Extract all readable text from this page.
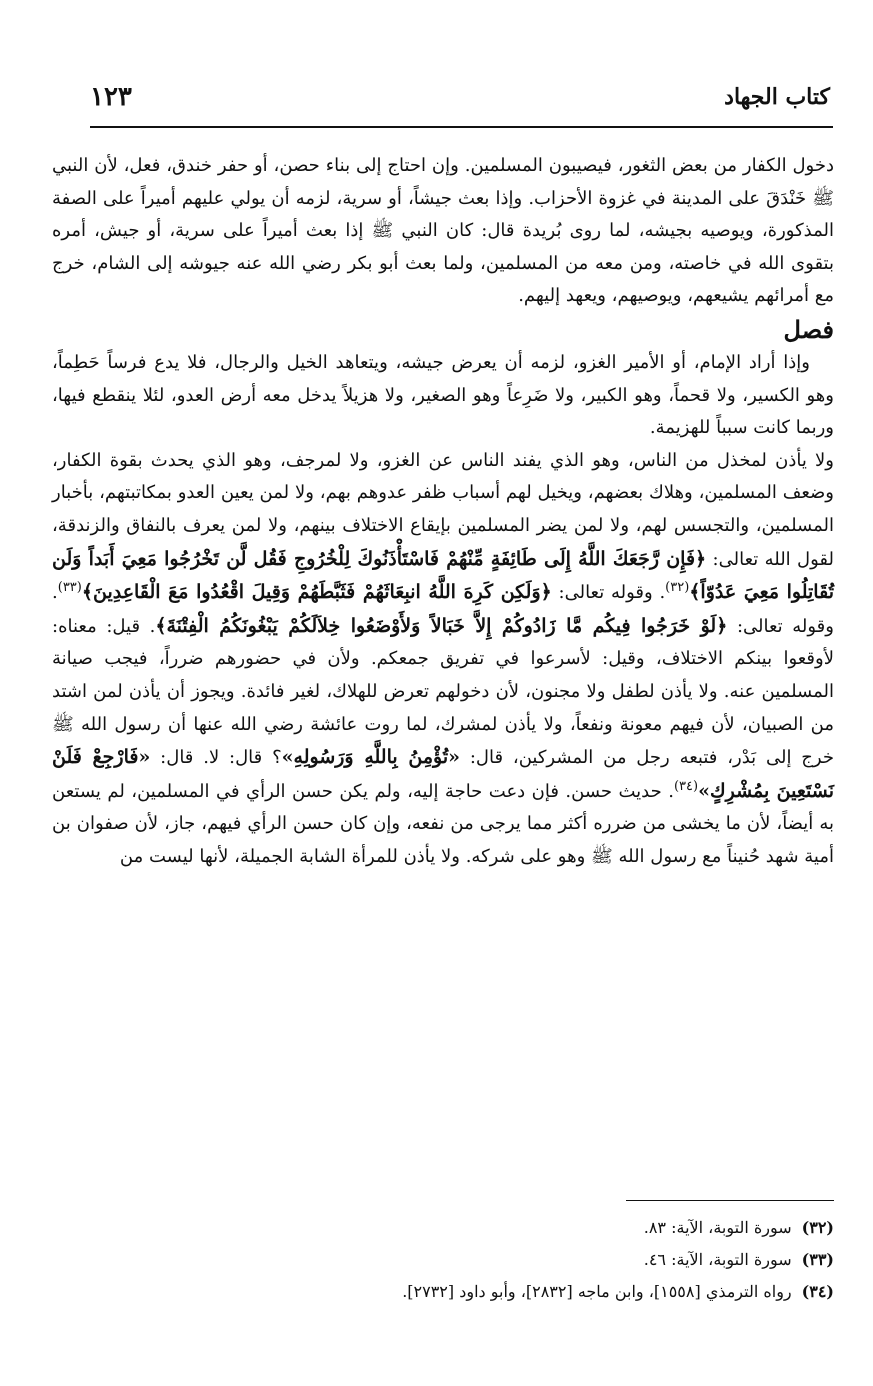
كتاب الجهاد
١٢٣

دخول الكفار من بعض الثغور، فيصيبون المسلمين. وإن احتاج إلى بناء حصن، أو حفر خندق، فعل، لأن النبي ﷺ خَنْدَقَ على المدينة في غزوة الأحزاب. وإذا بعث جيشاً، أو سرية، لزمه أن يولي عليهم أميراً على الصفة المذكورة، ويوصيه بجيشه، لما روى بُريدة قال: كان النبي ﷺ إذا بعث أميراً على سرية، أو جيش، أمره بتقوى الله في خاصته، ومن معه من المسلمين، ولما بعث أبو بكر رضي الله عنه جيوشه إلى الشام، خرج مع أمرائهم يشيعهم، ويوصيهم، ويعهد إليهم.

فصل

وإذا أراد الإمام، أو الأمير الغزو، لزمه أن يعرض جيشه، ويتعاهد الخيل والرجال، فلا يدع فرساً حَطِماً، وهو الكسير، ولا قحماً، وهو الكبير، ولا ضَرِعاً وهو الصغير، ولا هزيلاً يدخل معه أرض العدو، لئلا ينقطع فيها، وربما كانت سبباً للهزيمة.

ولا يأذن لمخذل من الناس، وهو الذي يفند الناس عن الغزو، ولا لمرجف، وهو الذي يحدث بقوة الكفار، وضعف المسلمين، وهلاك بعضهم، ويخيل لهم أسباب ظفر عدوهم بهم، ولا لمن يعين العدو بمكاتبتهم، بأخبار المسلمين، والتجسس لهم، ولا لمن يضر المسلمين بإيقاع الاختلاف بينهم، ولا لمن يعرف بالنفاق والزندقة، لقول الله تعالى: ﴿فَإِن رَّجَعَكَ اللَّهُ إِلَى طَائِفَةٍ مِّنْهُمْ فَاسْتَأْذَنُوكَ لِلْخُرُوجِ فَقُل لَّن تَخْرُجُوا مَعِيَ أَبَداً وَلَن تُقَاتِلُوا مَعِيَ عَدُوّاً﴾$^{(٣٢)}$. وقوله تعالى: ﴿وَلَكِن كَرِهَ اللَّهُ انبِعَاثَهُمْ فَثَبَّطَهُمْ وَقِيلَ اقْعُدُوا مَعَ الْقَاعِدِينَ﴾$^{(٣٣)}$. وقوله تعالى: ﴿لَوْ خَرَجُوا فِيكُم مَّا زَادُوكُمْ إِلاَّ خَبَالاً وَلأَوْضَعُوا خِلاَلَكُمْ يَبْغُونَكُمُ الْفِتْنَةَ﴾. قيل: معناه: لأوقعوا بينكم الاختلاف، وقيل: لأسرعوا في تفريق جمعكم. ولأن في حضورهم ضرراً، فيجب صيانة المسلمين عنه. ولا يأذن لطفل ولا مجنون، لأن دخولهم تعرض للهلاك، لغير فائدة. ويجوز أن يأذن لمن اشتد من الصبيان، لأن فيهم معونة ونفعاً، ولا يأذن لمشرك، لما روت عائشة رضي الله عنها أن رسول الله ﷺ خرج إلى بَدْر، فتبعه رجل من المشركين، قال: «تُؤْمِنُ بِاللَّهِ وَرَسُولِهِ»؟ قال: لا. قال: «فَارْجِعْ فَلَنْ نَسْتَعِينَ بِمُشْرِكٍ»$^{(٣٤)}$. حديث حسن. فإن دعت حاجة إليه، ولم يكن حسن الرأي في المسلمين، لم يستعن به أيضاً، لأن ما يخشى من ضرره أكثر مما يرجى من نفعه، وإن كان حسن الرأي فيهم، جاز، لأن صفوان بن أمية شهد حُنيناً مع رسول الله ﷺ وهو على شركه. ولا يأذن للمرأة الشابة الجميلة، لأنها ليست من

(٣٢)سورة التوبة، الآية: ٨٣.

(٣٣)سورة التوبة، الآية: ٤٦.

(٣٤)رواه الترمذي [١٥٥٨]، وابن ماجه [٢٨٣٢]، وأبو داود [٢٧٣٢].
